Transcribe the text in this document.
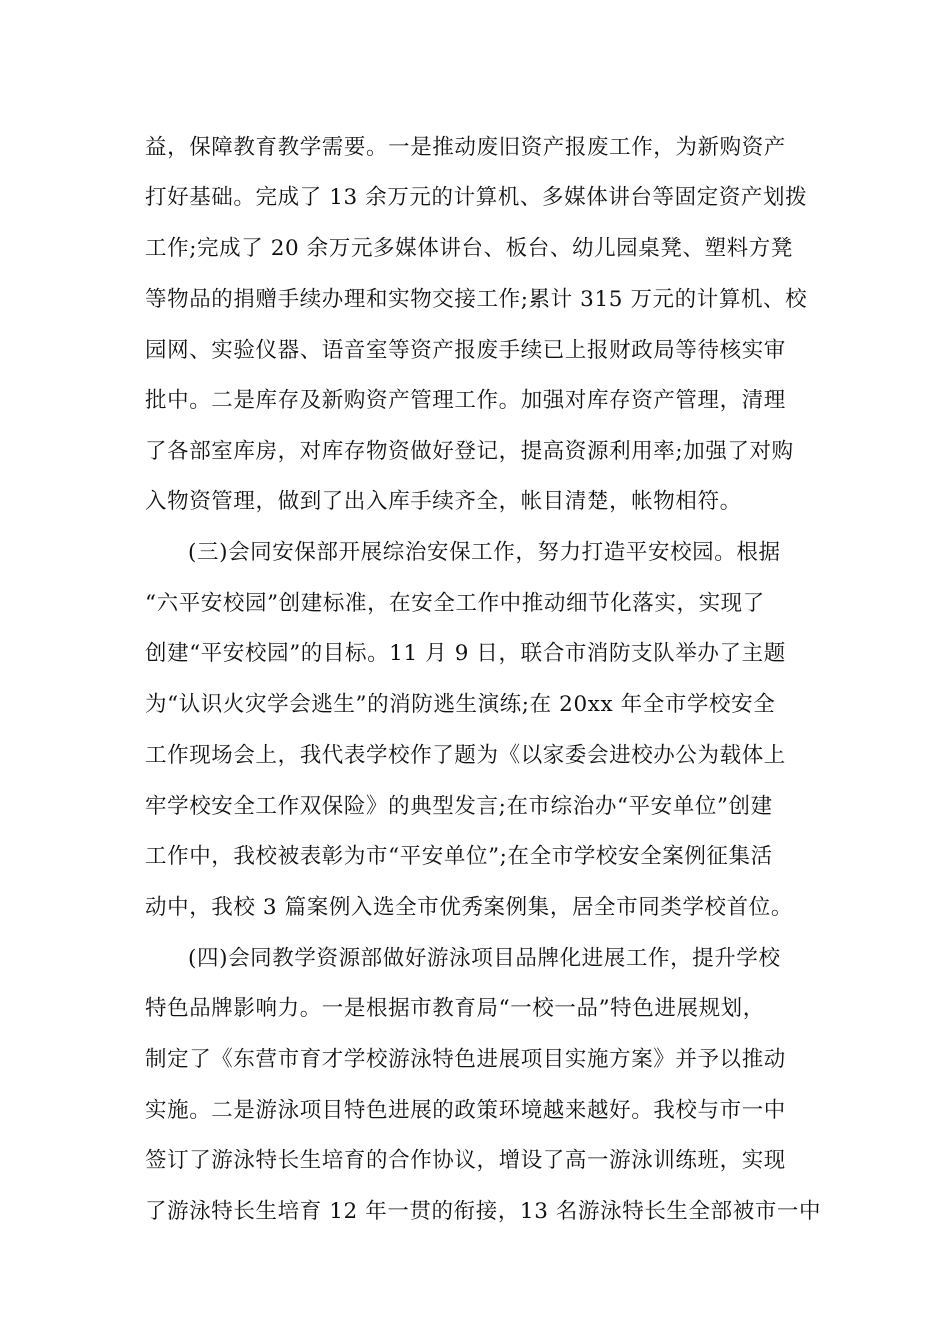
益，保障教育教学需要。一是推动废旧资产报废工作，为新购资产
打好基础。完成了 13 余万元的计算机、多媒体讲台等固定资产划拨
工作;完成了 20 余万元多媒体讲台、板台、幼儿园桌凳、塑料方凳
等物品的捐赠手续办理和实物交接工作;累计 315 万元的计算机、校
园网、实验仪器、语音室等资产报废手续已上报财政局等待核实审
批中。二是库存及新购资产管理工作。加强对库存资产管理，清理
了各部室库房，对库存物资做好登记，提高资源利用率;加强了对购
入物资管理，做到了出入库手续齐全，帐目清楚，帐物相符。
(三)会同安保部开展综治安保工作，努力打造平安校园。根据
“六平安校园”创建标准，在安全工作中推动细节化落实，实现了
创建“平安校园”的目标。11 月 9 日，联合市消防支队举办了主题
为“认识火灾学会逃生”的消防逃生演练;在 20xx 年全市学校安全
工作现场会上，我代表学校作了题为《以家委会进校办公为载体上
牢学校安全工作双保险》的典型发言;在市综治办“平安单位”创建
工作中，我校被表彰为市“平安单位”;在全市学校安全案例征集活
动中，我校 3 篇案例入选全市优秀案例集，居全市同类学校首位。
(四)会同教学资源部做好游泳项目品牌化进展工作，提升学校
特色品牌影响力。一是根据市教育局“一校一品”特色进展规划，
制定了《东营市育才学校游泳特色进展项目实施方案》并予以推动
实施。二是游泳项目特色进展的政策环境越来越好。我校与市一中
签订了游泳特长生培育的合作协议，增设了高一游泳训练班，实现
了游泳特长生培育 12 年一贯的衔接，13 名游泳特长生全部被市一中
